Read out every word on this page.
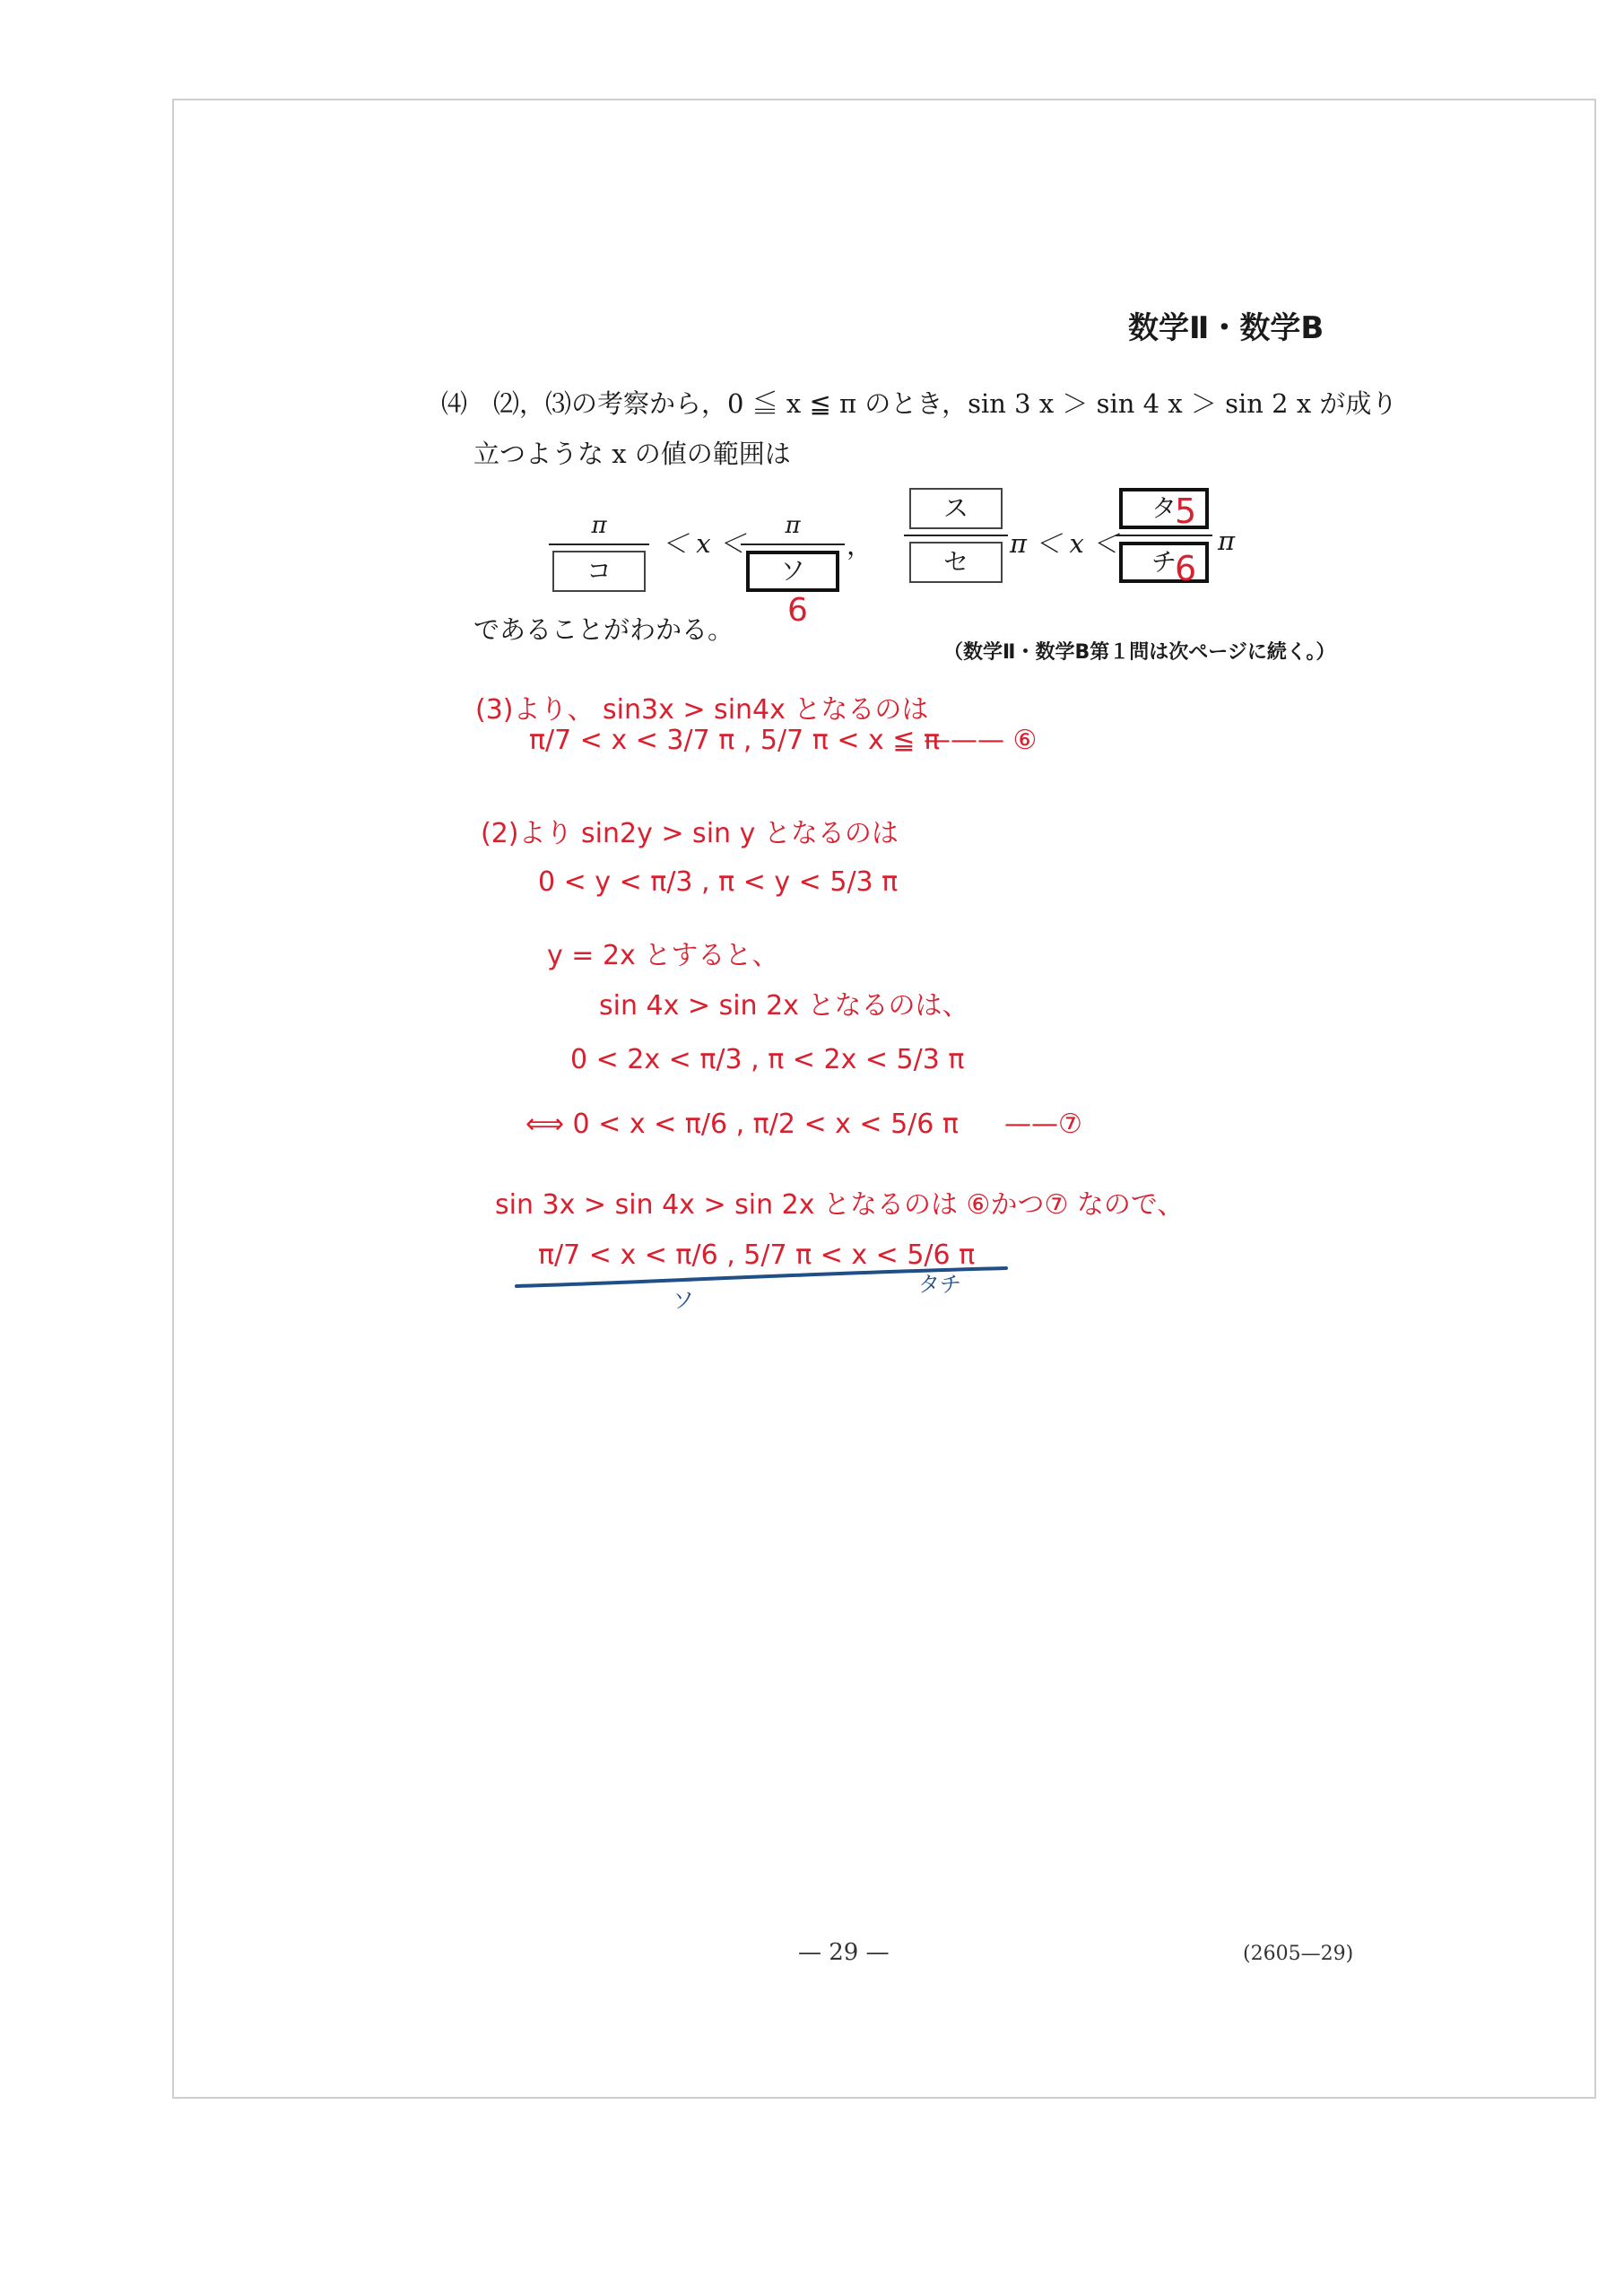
数学Ⅱ・数学B
⑷　⑵，⑶の考察から，0 ≦ x ≦ π のとき，sin 3 x ＞ sin 4 x ＞ sin 2 x が成り
立つような x の値の範囲は
π
コ
＜ x ＜
π
ソ
，
ス
セ
π ＜ x ＜
タ
チ
π
5
6
6
であることがわかる。
（数学Ⅱ・数学B第１問は次ページに続く。）
(3)より、 sin3x > sin4x となるのは
π/7 < x < 3/7 π , 5/7 π < x ≦ π
——— ⑥
(2)より sin2y > sin y となるのは
0 < y < π/3 , π < y < 5/3 π
y = 2x とすると、
sin 4x > sin 2x となるのは、
0 < 2x < π/3 , π < 2x < 5/3 π
⟺ 0 < x < π/6 , π/2 < x < 5/6 π ——⑦
sin 3x > sin 4x > sin 2x となるのは ⑥かつ⑦ なので、
π/7 < x < π/6 , 5/7 π < x < 5/6 π
ソ
タチ
— 29 —	(2605—29)
